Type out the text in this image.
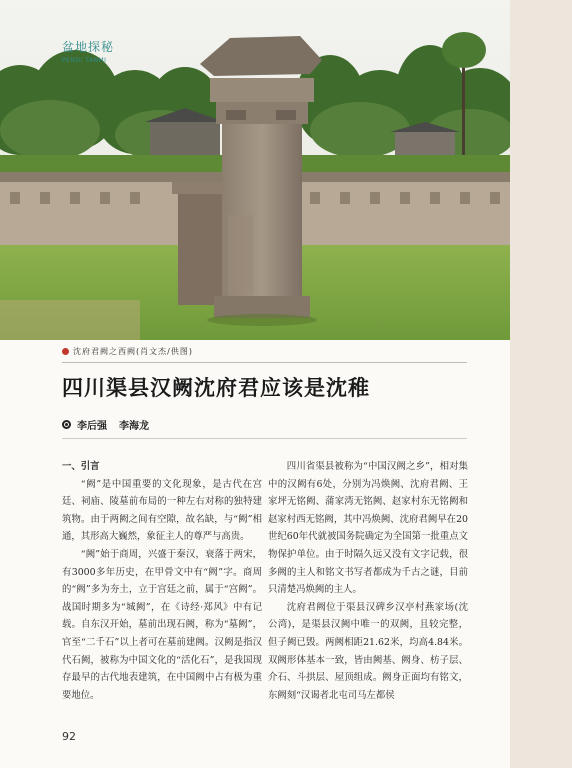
盆地探秘
PENDI TANMI
沈府君阙之西阙(肖文杰/供图)
四川渠县汉阙沈府君应该是沈稚
李后强 李海龙

一、引言

“阙”是中国重要的文化现象，是古代在宫廷、祠庙、陵墓前布局的一种左右对称的独特建筑物。由于两阙之间有空隙，故名缺，与“阙”相通，其形高大巍然，象征主人的尊严与高贵。

“阙”始于商周，兴盛于秦汉，衰落于两宋，有3000多年历史，在甲骨文中有“阙”字。商周的“阙”多为夯土，立于宫廷之前，属于“宫阙”。战国时期多为“城阙”，在《诗经·郑风》中有记载。自东汉开始，墓前出现石阙，称为“墓阙”，官至“二千石”以上者可在墓前建阙。汉阙是指汉代石阙，被称为中国文化的“活化石”，是我国现存最早的古代地表建筑，在中国阙中占有极为重要地位。

四川省渠县被称为“中国汉阙之乡”，相对集中的汉阙有6处，分别为冯焕阙、沈府君阙、王家坪无铭阙、蒲家湾无铭阙、赵家村东无铭阙和赵家村西无铭阙，其中冯焕阙、沈府君阙早在20世纪60年代就被国务院确定为全国第一批重点文物保护单位。由于时隔久远又没有文字记载，很多阙的主人和铭文书写者都成为千古之谜，目前只清楚冯焕阙的主人。

沈府君阙位于渠县汉碑乡汉亭村燕家场(沈公湾)，是渠县汉阙中唯一的双阙，且较完整，但子阙已毁。两阙相距21.62米，均高4.84米。双阙形体基本一致，皆由阙基、阙身、枋子层、介石、斗拱层、屋顶组成。阙身正面均有铭文，东阙刻“汉谒者北屯司马左都侯

92
